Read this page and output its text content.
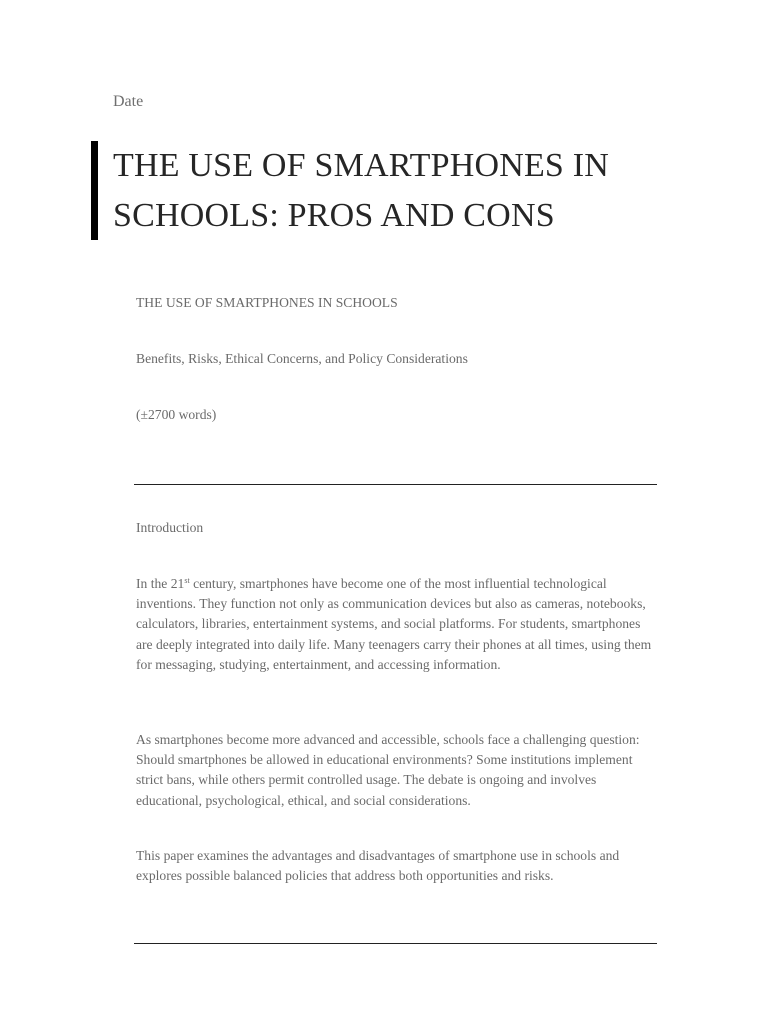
Date
THE USE OF SMARTPHONES IN SCHOOLS: PROS AND CONS
THE USE OF SMARTPHONES IN SCHOOLS
Benefits, Risks, Ethical Concerns, and Policy Considerations
(±2700 words)
Introduction

In the 21st century, smartphones have become one of the most influential technological inventions. They function not only as communication devices but also as cameras, notebooks, calculators, libraries, entertainment systems, and social platforms. For students, smartphones are deeply integrated into daily life. Many teenagers carry their phones at all times, using them for messaging, studying, entertainment, and accessing information.

As smartphones become more advanced and accessible, schools face a challenging question: Should smartphones be allowed in educational environments? Some institutions implement strict bans, while others permit controlled usage. The debate is ongoing and involves educational, psychological, ethical, and social considerations.

This paper examines the advantages and disadvantages of smartphone use in schools and explores possible balanced policies that address both opportunities and risks.
